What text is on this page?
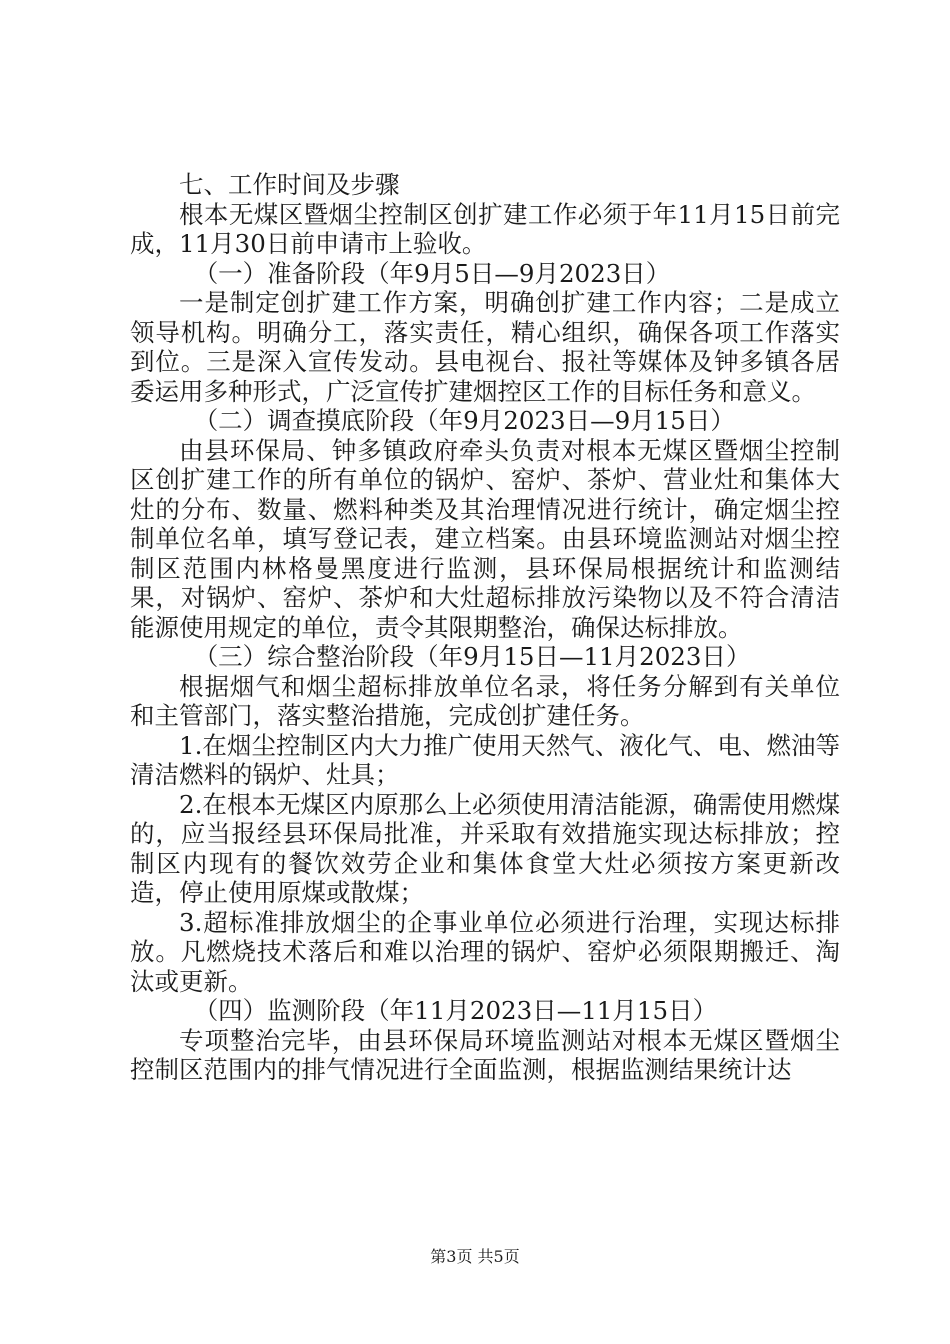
七、工作时间及步骤

根本无煤区暨烟尘控制区创扩建工作必须于年11月15日前完成，11月30日前申请市上验收。

（一）准备阶段（年9月5日—9月2023日）

一是制定创扩建工作方案，明确创扩建工作内容；二是成立领导机构。明确分工，落实责任，精心组织，确保各项工作落实到位。三是深入宣传发动。县电视台、报社等媒体及钟多镇各居委运用多种形式，广泛宣传扩建烟控区工作的目标任务和意义。

（二）调查摸底阶段（年9月2023日—9月15日）

由县环保局、钟多镇政府牵头负责对根本无煤区暨烟尘控制区创扩建工作的所有单位的锅炉、窑炉、茶炉、营业灶和集体大灶的分布、数量、燃料种类及其治理情况进行统计，确定烟尘控制单位名单，填写登记表，建立档案。由县环境监测站对烟尘控制区范围内林格曼黑度进行监测，县环保局根据统计和监测结果，对锅炉、窑炉、茶炉和大灶超标排放污染物以及不符合清洁能源使用规定的单位，责令其限期整治，确保达标排放。

（三）综合整治阶段（年9月15日—11月2023日）

根据烟气和烟尘超标排放单位名录，将任务分解到有关单位和主管部门，落实整治措施，完成创扩建任务。

1.在烟尘控制区内大力推广使用天然气、液化气、电、燃油等清洁燃料的锅炉、灶具；

2.在根本无煤区内原那么上必须使用清洁能源，确需使用燃煤的，应当报经县环保局批准，并采取有效措施实现达标排放；控制区内现有的餐饮效劳企业和集体食堂大灶必须按方案更新改造，停止使用原煤或散煤；

3.超标准排放烟尘的企事业单位必须进行治理，实现达标排放。凡燃烧技术落后和难以治理的锅炉、窑炉必须限期搬迁、淘汰或更新。

（四）监测阶段（年11月2023日—11月15日）

专项整治完毕，由县环保局环境监测站对根本无煤区暨烟尘控制区范围内的排气情况进行全面监测，根据监测结果统计达

第3页 共5页
